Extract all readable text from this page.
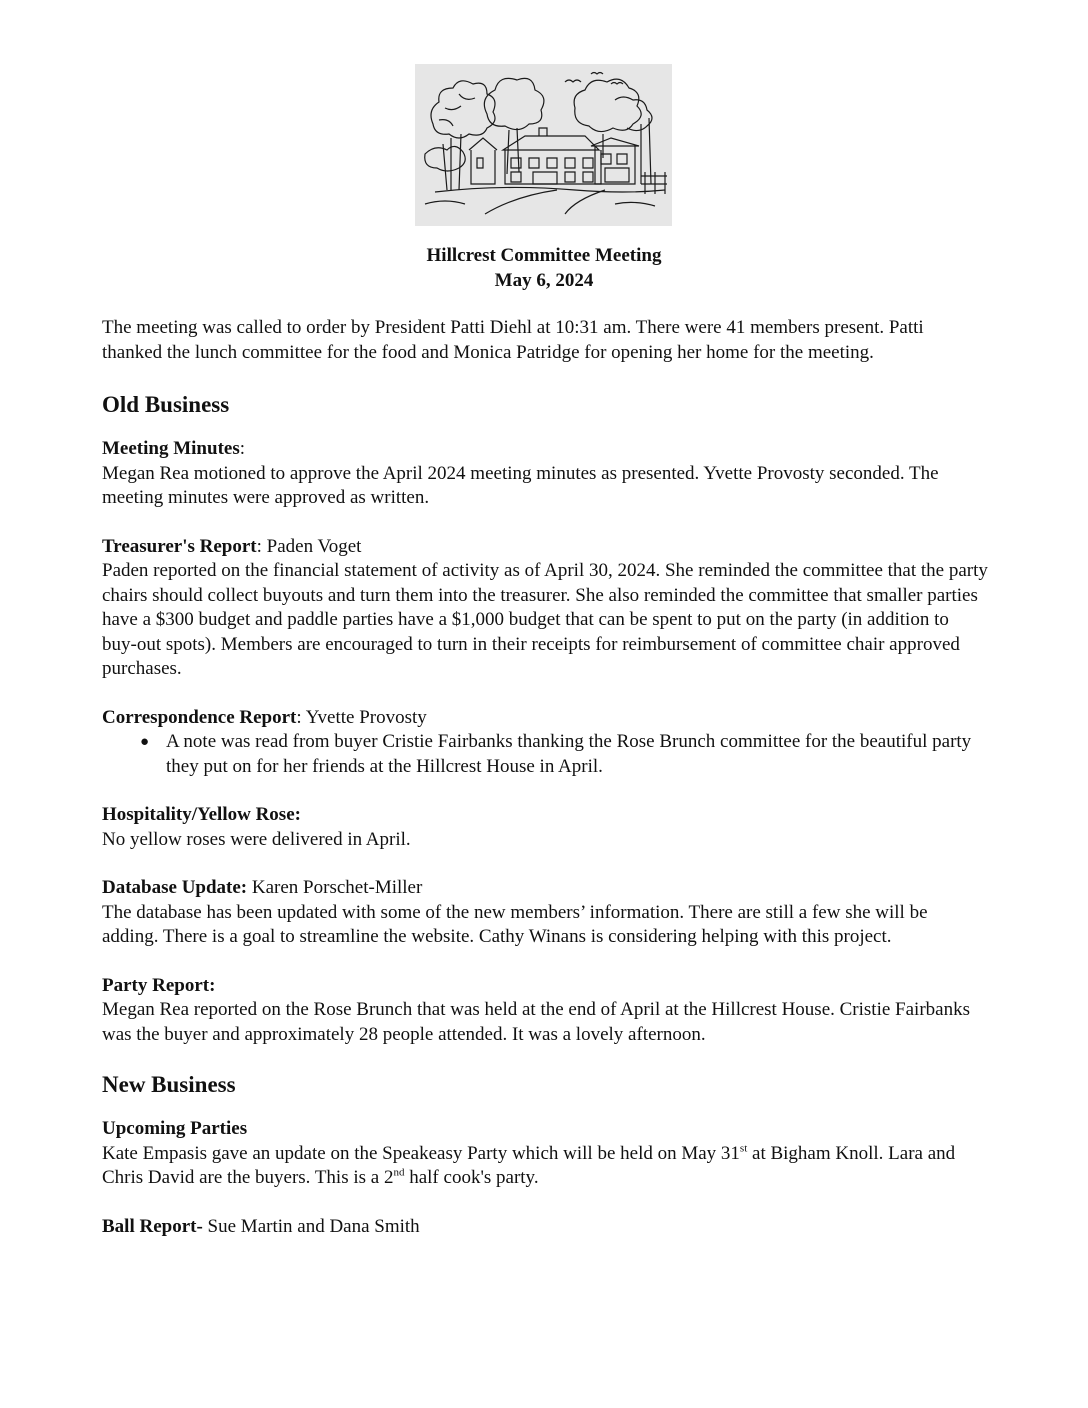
Hillcrest Committee Meeting
May 6, 2024

The meeting was called to order by President Patti Diehl at 10:31 am. There were 41 members present. Patti thanked the lunch committee for the food and Monica Patridge for opening her home for the meeting.

Old Business
Meeting Minutes:

Megan Rea motioned to approve the April 2024 meeting minutes as presented. Yvette Provosty seconded. The meeting minutes were approved as written.

Treasurer's Report: Paden Voget

Paden reported on the financial statement of activity as of April 30, 2024. She reminded the committee that the party chairs should collect buyouts and turn them into the treasurer. She also reminded the committee that smaller parties have a $300 budget and paddle parties have a $1,000 budget that can be spent to put on the party (in addition to buy-out spots). Members are encouraged to turn in their receipts for reimbursement of committee chair approved purchases.

Correspondence Report: Yvette Provosty
● A note was read from buyer Cristie Fairbanks thanking the Rose Brunch committee for the beautiful party they put on for her friends at the Hillcrest House in April.
Hospitality/Yellow Rose:

No yellow roses were delivered in April.

Database Update: Karen Porschet-Miller

The database has been updated with some of the new members’ information. There are still a few she will be adding. There is a goal to streamline the website. Cathy Winans is considering helping with this project.

Party Report:

Megan Rea reported on the Rose Brunch that was held at the end of April at the Hillcrest House. Cristie Fairbanks was the buyer and approximately 28 people attended. It was a lovely afternoon.

New Business
Upcoming Parties

Kate Empasis gave an update on the Speakeasy Party which will be held on May 31st at Bigham Knoll. Lara and Chris David are the buyers. This is a 2nd half cook's party.

Ball Report- Sue Martin and Dana Smith
